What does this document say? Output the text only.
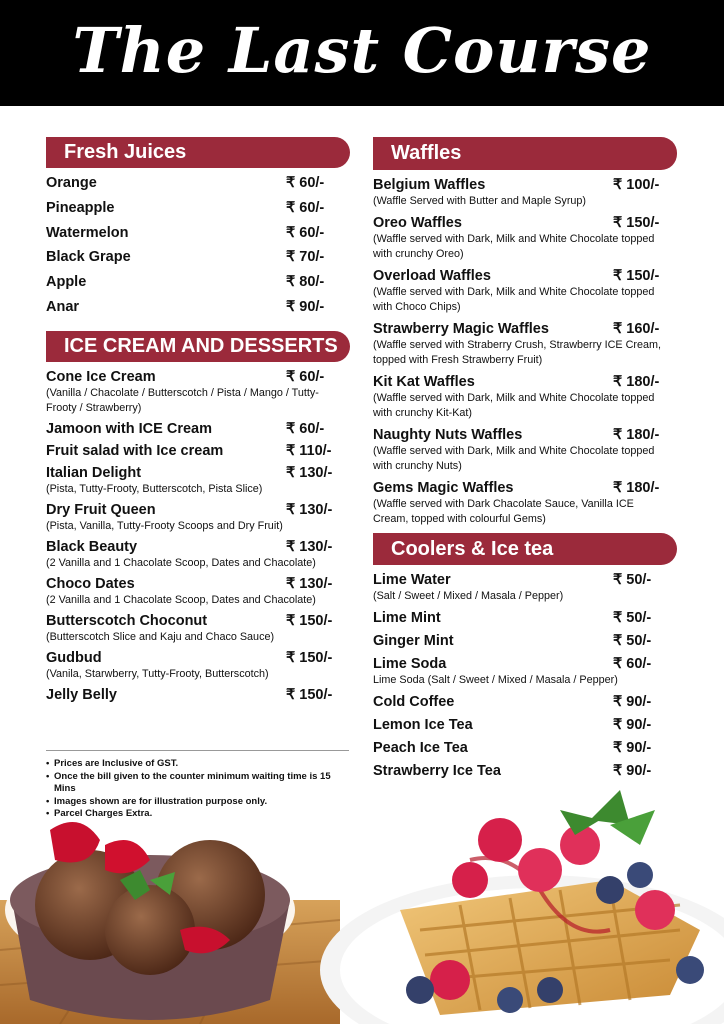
The Last Course
Fresh Juices
Orange	₹ 60/-
Pineapple	₹ 60/-
Watermelon	₹ 60/-
Black Grape	₹ 70/-
Apple	₹ 80/-
Anar	₹ 90/-
ICE CREAM AND DESSERTS
Cone Ice Cream	₹ 60/-
(Vanilla / Chacolate / Butterscotch / Pista / Mango / Tutty-Frooty / Strawberry)
Jamoon with ICE Cream	₹ 60/-
Fruit salad with Ice cream	₹ 110/-
Italian Delight	₹ 130/-
(Pista, Tutty-Frooty, Butterscotch, Pista Slice)
Dry Fruit Queen	₹ 130/-
(Pista, Vanilla, Tutty-Frooty Scoops and Dry Fruit)
Black Beauty	₹ 130/-
(2 Vanilla and 1 Chacolate Scoop, Dates and Chacolate)
Choco Dates	₹ 130/-
(2 Vanilla and 1 Chacolate Scoop, Dates and Chacolate)
Butterscotch Choconut	₹ 150/-
(Butterscotch Slice and Kaju and Chaco Sauce)
Gudbud	₹ 150/-
(Vanila, Starwberry, Tutty-Frooty, Butterscotch)
Jelly Belly	₹ 150/-
• Prices are Inclusive of GST.
• Once the bill given to the counter minimum waiting time is 15 Mins
• Images shown are for illustration purpose only.
• Parcel Charges Extra.
Waffles
Belgium Waffles	₹ 100/-
(Waffle Served with Butter and Maple Syrup)
Oreo Waffles	₹ 150/-
(Waffle served with Dark, Milk and White Chocolate topped with crunchy Oreo)
Overload Waffles	₹ 150/-
(Waffle served with Dark, Milk and White Chocolate topped with Choco Chips)
Strawberry Magic Waffles	₹ 160/-
(Waffle served with Straberry Crush, Strawberry ICE Cream, topped with Fresh Strawberry Fruit)
Kit Kat Waffles	₹ 180/-
(Waffle served with Dark, Milk and White Chocolate topped with crunchy Kit-Kat)
Naughty Nuts Waffles	₹ 180/-
(Waffle served with Dark, Milk and White Chocolate topped with crunchy Nuts)
Gems Magic Waffles	₹ 180/-
(Waffle served with Dark Chacolate Sauce, Vanilla ICE Cream, topped with colourful Gems)
Coolers & Ice tea
Lime Water	₹ 50/-
(Salt / Sweet / Mixed / Masala / Pepper)
Lime Mint	₹ 50/-
Ginger Mint	₹ 50/-
Lime Soda	₹ 60/-
Lime Soda (Salt / Sweet / Mixed / Masala / Pepper)
Cold Coffee	₹ 90/-
Lemon Ice Tea	₹ 90/-
Peach Ice Tea	₹ 90/-
Strawberry Ice Tea	₹ 90/-
